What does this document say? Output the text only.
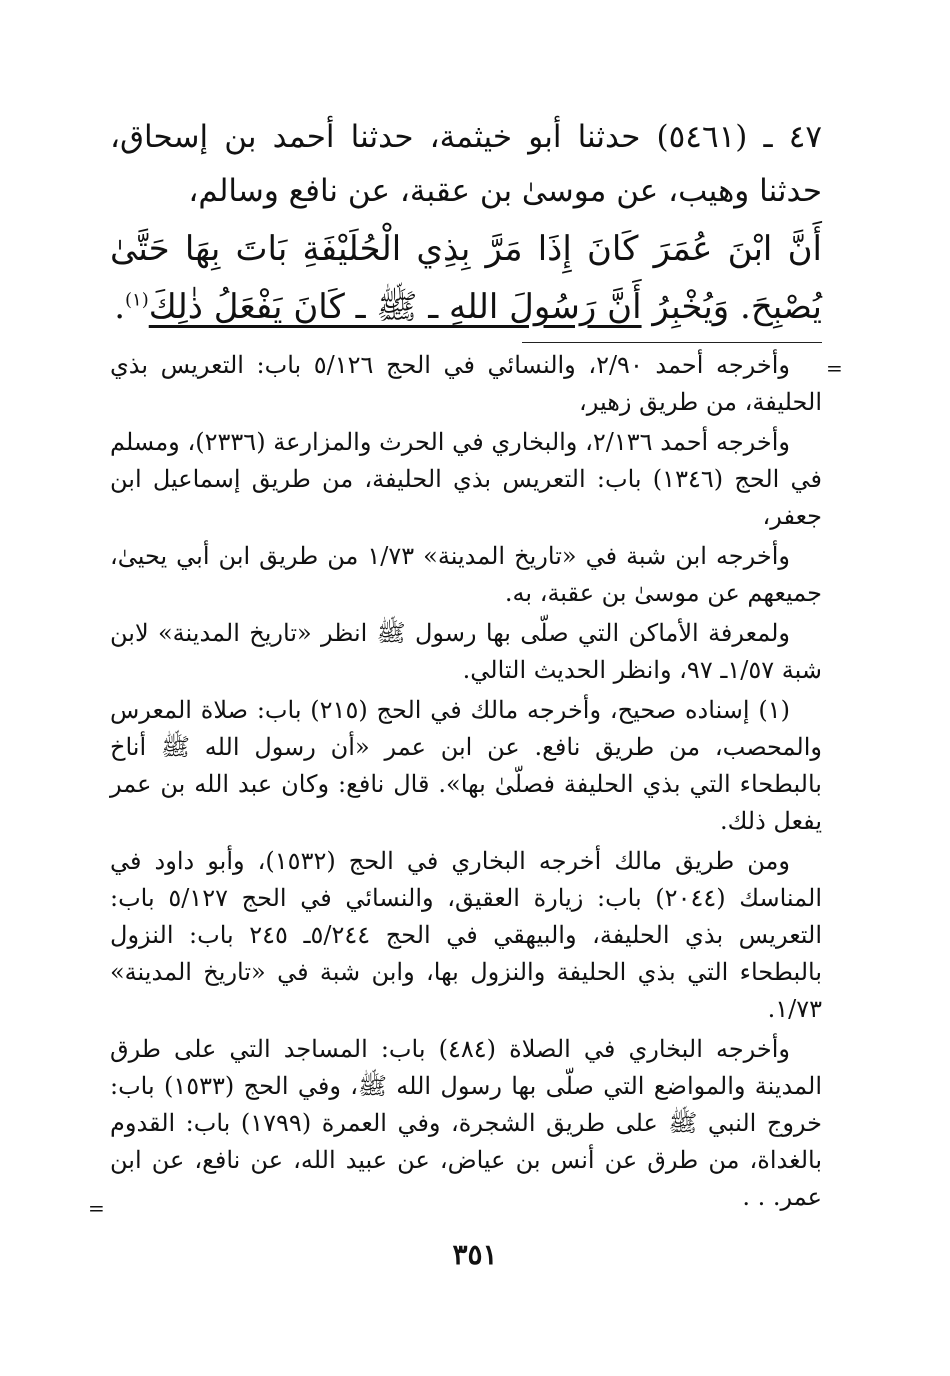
٤٧ ـ (٥٤٦١) حدثنا أبو خيثمة، حدثنا أحمد بن إسحاق، حدثنا وهيب، عن موسىٰ بن عقبة، عن نافع وسالم،

أَنَّ ابْنَ عُمَرَ كَانَ إِذَا مَرَّ بِذِي الْحُلَيْفَةِ بَاتَ بِهَا حَتَّىٰ يُصْبِحَ. وَيُخْبِرُ أَنَّ رَسُولَ اللهِ ـ ﷺ ـ كَانَ يَفْعَلُ ذٰلِكَ$^{(١)}$.

وأخرجه أحمد ٢/٩٠، والنسائي في الحج ٥/١٢٦ باب: التعريس بذي الحليفة، من طريق زهير،

وأخرجه أحمد ٢/١٣٦، والبخاري في الحرث والمزارعة (٢٣٣٦)، ومسلم في الحج (١٣٤٦) باب: التعريس بذي الحليفة، من طريق إسماعيل ابن جعفر،

وأخرجه ابن شبة في «تاريخ المدينة» ١/٧٣ من طريق ابن أبي يحيىٰ، جميعهم عن موسىٰ بن عقبة، به.

ولمعرفة الأماكن التي صلّى بها رسول ﷺ انظر «تاريخ المدينة» لابن شبة ١/٥٧ـ ٩٧، وانظر الحديث التالي.

(١) إسناده صحيح، وأخرجه مالك في الحج (٢١٥) باب: صلاة المعرس والمحصب، من طريق نافع. عن ابن عمر «أن رسول الله ﷺ أناخ بالبطحاء التي بذي الحليفة فصلّىٰ بها». قال نافع: وكان عبد الله بن عمر يفعل ذلك.

ومن طريق مالك أخرجه البخاري في الحج (١٥٣٢)، وأبو داود في المناسك (٢٠٤٤) باب: زيارة العقيق، والنسائي في الحج ٥/١٢٧ باب: التعريس بذي الحليفة، والبيهقي في الحج ٥/٢٤٤ـ ٢٤٥ باب: النزول بالبطحاء التي بذي الحليفة والنزول بها، وابن شبة في «تاريخ المدينة» ١/٧٣.

وأخرجه البخاري في الصلاة (٤٨٤) باب: المساجد التي على طرق المدينة والمواضع التي صلّى بها رسول الله ﷺ، وفي الحج (١٥٣٣) باب: خروج النبي ﷺ على طريق الشجرة، وفي العمرة (١٧٩٩) باب: القدوم بالغداة، من طرق عن أنس بن عياض، عن عبيد الله، عن نافع، عن ابن عمر. . .

=
=
٣٥١
